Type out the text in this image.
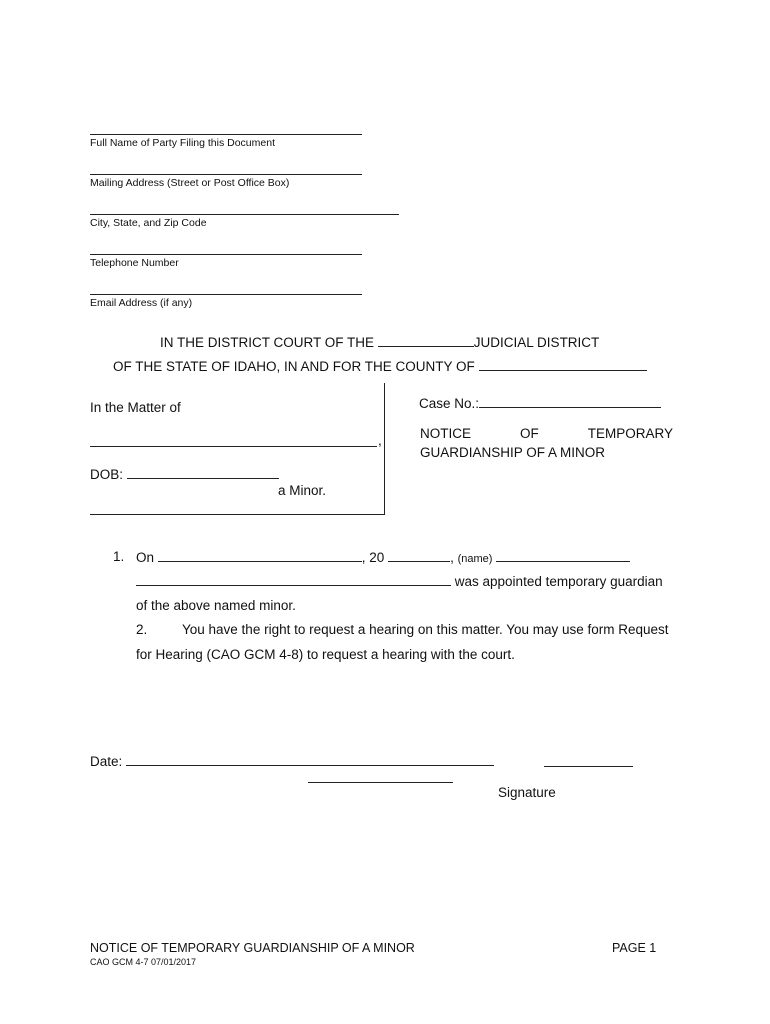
Full Name of Party Filing this Document
Mailing Address (Street or Post Office Box)
City, State, and Zip Code
Telephone Number
Email Address (if any)
IN THE DISTRICT COURT OF THE	JUDICIAL DISTRICT
OF THE STATE OF IDAHO, IN AND FOR THE COUNTY OF
In the Matter of
,
DOB:
a Minor.
Case No.:
NOTICE	OF	TEMPORARY
GUARDIANSHIP OF A MINOR
1. On	, 20	, (name)
was appointed temporary guardian
of the above named minor.
2.	You have the right to request a hearing on this matter. You may use form Request
for Hearing (CAO GCM 4-8) to request a hearing with the court.
Date:
Signature
NOTICE OF TEMPORARY GUARDIANSHIP OF A MINOR	PAGE 1
CAO GCM 4-7 07/01/2017
